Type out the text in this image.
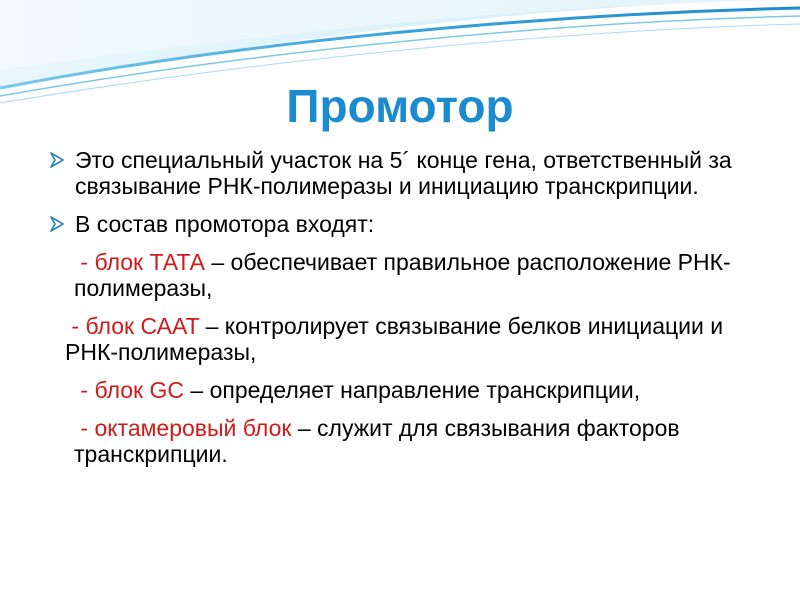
Промотор
Это специальный участок на 5´ конце гена, ответственный за связывание РНК-полимеразы и инициацию транскрипции.
В состав промотора входят:
- блок ТАТА – обеспечивает правильное расположение РНК-полимеразы,
- блок САAT – контролирует связывание белков инициации и РНК-полимеразы,
- блок GC – определяет направление транскрипции,
- октамеровый блок – служит для связывания факторов транскрипции.
